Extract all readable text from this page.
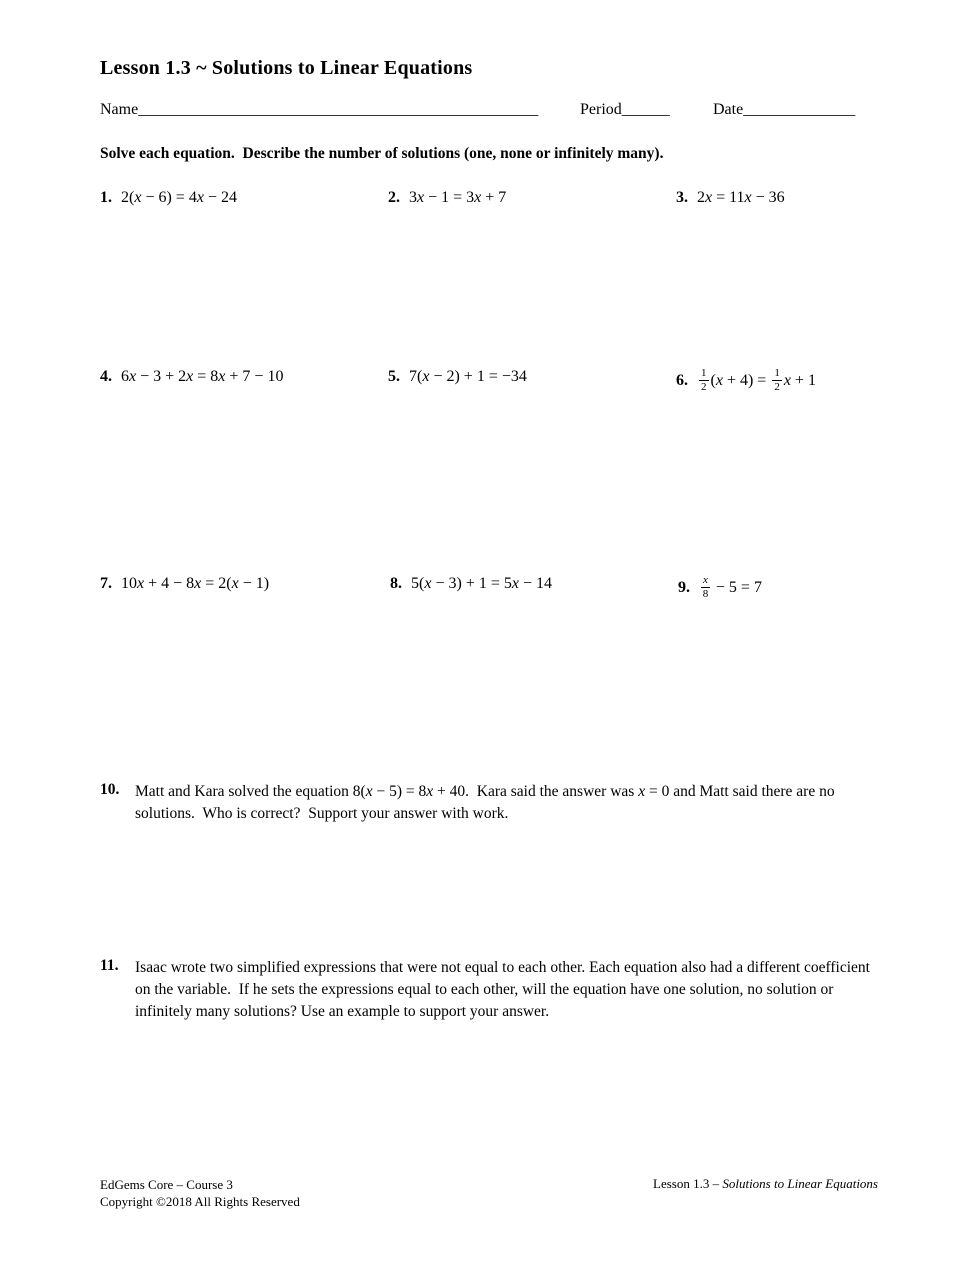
Lesson 1.3 ~ Solutions to Linear Equations
Name__________________________________________________	Period______	Date______________
Solve each equation.  Describe the number of solutions (one, none or infinitely many).
1. 2(x − 6) = 4x − 24	2. 3x − 1 = 3x + 7	3. 2x = 11x − 36
4. 6x − 3 + 2x = 8x + 7 − 10	5. 7(x − 2) + 1 = −34	6. $\frac{1}{2} (x + 4) = \frac{1}{2}$ x + 1
7. 10x + 4 − 8x = 2(x − 1)	8. 5(x − 3) + 1 = 5x − 14	9. $\frac{x}{8} - 5 = 7$
10.	Matt and Kara solved the equation 8(x − 5) = 8x + 40.  Kara said the answer was x = 0 and Matt said there are no solutions.  Who is correct?  Support your answer with work.
11.	Isaac wrote two simplified expressions that were not equal to each other. Each equation also had a different coefficient on the variable.  If he sets the expressions equal to each other, will the equation have one solution, no solution or infinitely many solutions? Use an example to support your answer.
EdGems Core – Course 3
Copyright ©2018 All Rights Reserved
Lesson 1.3 – Solutions to Linear Equations
